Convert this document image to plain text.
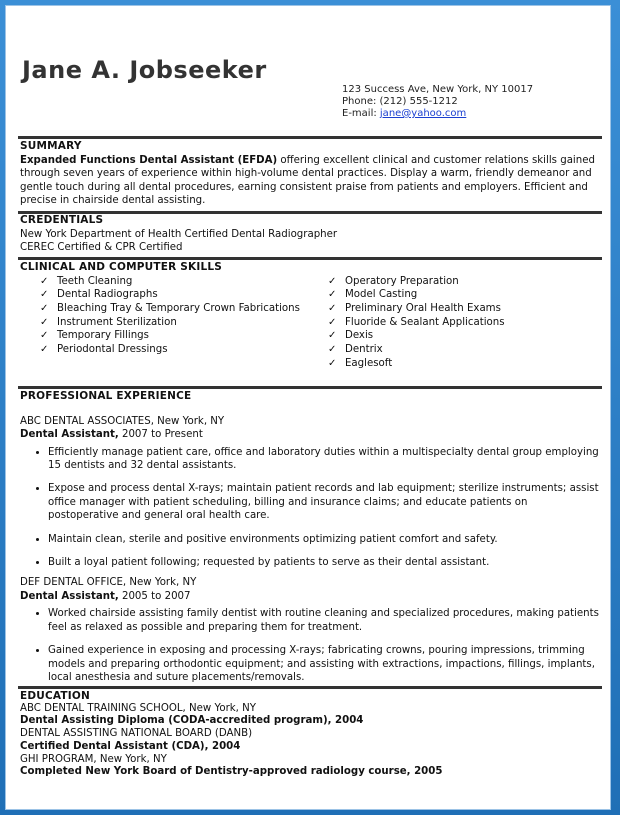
Jane A. Jobseeker
123 Success Ave, New York, NY 10017
Phone: (212) 555-1212
E-mail: jane@yahoo.com
SUMMARY
Expanded Functions Dental Assistant (EFDA) offering excellent clinical and customer relations skills gained through seven years of experience within high-volume dental practices. Display a warm, friendly demeanor and gentle touch during all dental procedures, earning consistent praise from patients and employers. Efficient and precise in chairside dental assisting.
CREDENTIALS
New York Department of Health Certified Dental Radiographer
CEREC Certified & CPR Certified
CLINICAL AND COMPUTER SKILLS
✓ Teeth Cleaning
✓ Dental Radiographs
✓ Bleaching Tray & Temporary Crown Fabrications
✓ Instrument Sterilization
✓ Temporary Fillings
✓ Periodontal Dressings
✓ Operatory Preparation
✓ Model Casting
✓ Preliminary Oral Health Exams
✓ Fluoride & Sealant Applications
✓ Dexis
✓ Dentrix
✓ Eaglesoft
PROFESSIONAL EXPERIENCE
ABC DENTAL ASSOCIATES, New York, NY
Dental Assistant, 2007 to Present
• Efficiently manage patient care, office and laboratory duties within a multispecialty dental group employing 15 dentists and 32 dental assistants.
• Expose and process dental X-rays; maintain patient records and lab equipment; sterilize instruments; assist office manager with patient scheduling, billing and insurance claims; and educate patients on postoperative and general oral health care.
• Maintain clean, sterile and positive environments optimizing patient comfort and safety.
• Built a loyal patient following; requested by patients to serve as their dental assistant.
DEF DENTAL OFFICE, New York, NY
Dental Assistant, 2005 to 2007
• Worked chairside assisting family dentist with routine cleaning and specialized procedures, making patients feel as relaxed as possible and preparing them for treatment.
• Gained experience in exposing and processing X-rays; fabricating crowns, pouring impressions, trimming models and preparing orthodontic equipment; and assisting with extractions, impactions, fillings, implants, local anesthesia and suture placements/removals.
EDUCATION
ABC DENTAL TRAINING SCHOOL, New York, NY
Dental Assisting Diploma (CODA-accredited program), 2004
DENTAL ASSISTING NATIONAL BOARD (DANB)
Certified Dental Assistant (CDA), 2004
GHI PROGRAM, New York, NY
Completed New York Board of Dentistry-approved radiology course, 2005
